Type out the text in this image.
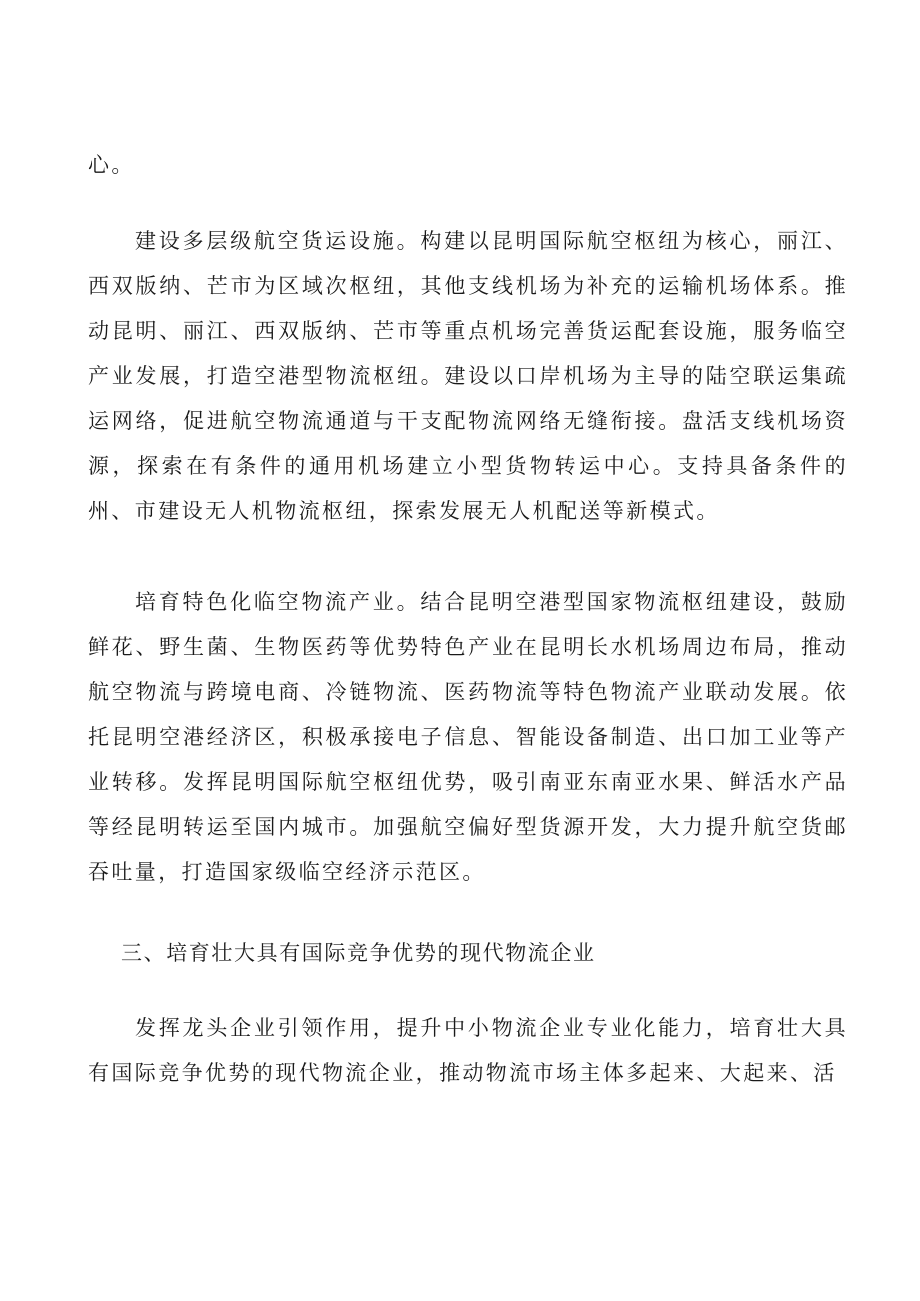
心。

建设多层级航空货运设施。构建以昆明国际航空枢纽为核心，丽江、西双版纳、芒市为区域次枢纽，其他支线机场为补充的运输机场体系。推动昆明、丽江、西双版纳、芒市等重点机场完善货运配套设施，服务临空产业发展，打造空港型物流枢纽。建设以口岸机场为主导的陆空联运集疏运网络，促进航空物流通道与干支配物流网络无缝衔接。盘活支线机场资源，探索在有条件的通用机场建立小型货物转运中心。支持具备条件的州、市建设无人机物流枢纽，探索发展无人机配送等新模式。

培育特色化临空物流产业。结合昆明空港型国家物流枢纽建设，鼓励鲜花、野生菌、生物医药等优势特色产业在昆明长水机场周边布局，推动航空物流与跨境电商、冷链物流、医药物流等特色物流产业联动发展。依托昆明空港经济区，积极承接电子信息、智能设备制造、出口加工业等产业转移。发挥昆明国际航空枢纽优势，吸引南亚东南亚水果、鲜活水产品等经昆明转运至国内城市。加强航空偏好型货源开发，大力提升航空货邮吞吐量，打造国家级临空经济示范区。

三、培育壮大具有国际竞争优势的现代物流企业

发挥龙头企业引领作用，提升中小物流企业专业化能力，培育壮大具有国际竞争优势的现代物流企业，推动物流市场主体多起来、大起来、活
